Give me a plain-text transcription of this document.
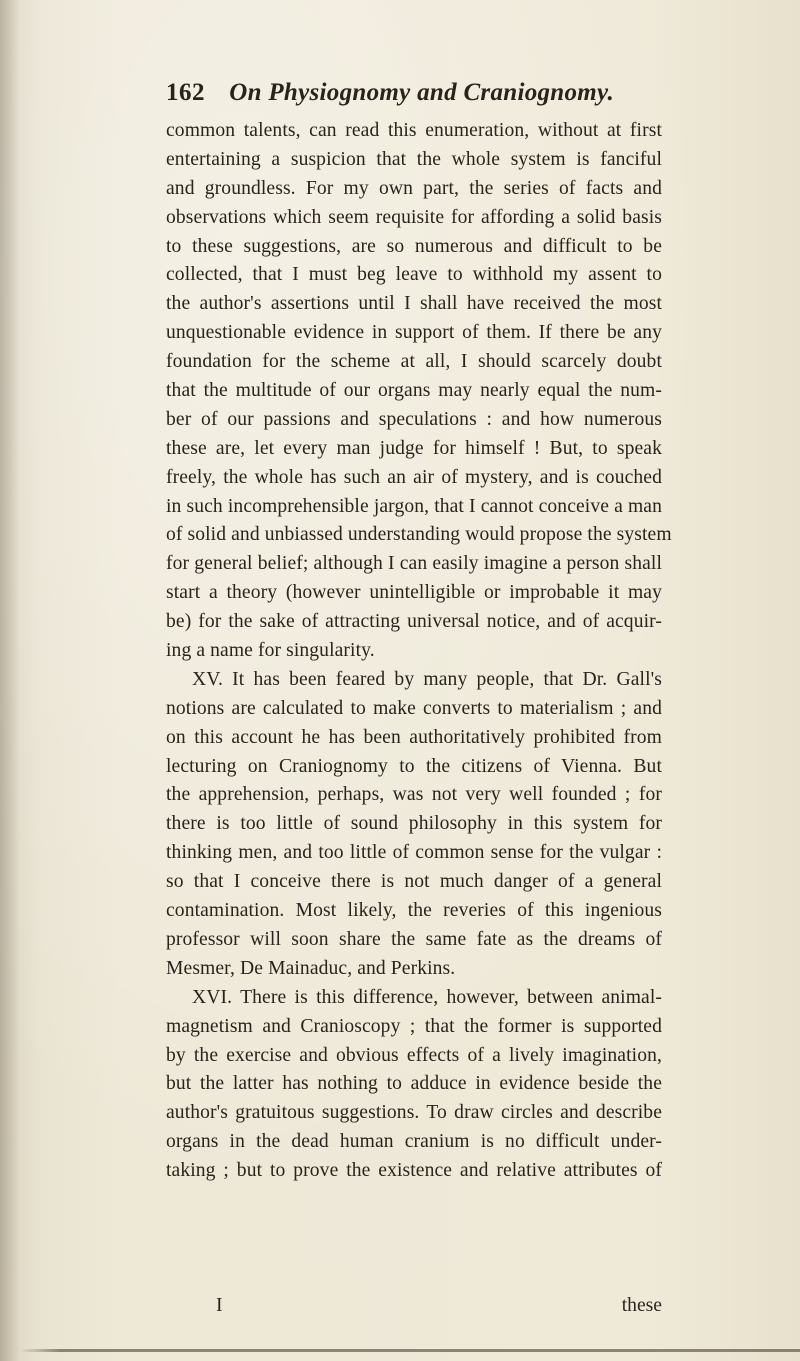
162 On Physiognomy and Craniognomy.
common talents, can read this enumeration, without at first
entertaining a suspicion that the whole system is fanciful
and groundless. For my own part, the series of facts and
observations which seem requisite for affording a solid basis
to these suggestions, are so numerous and difficult to be
collected, that I must beg leave to withhold my assent to
the author's assertions until I shall have received the most
unquestionable evidence in support of them. If there be any
foundation for the scheme at all, I should scarcely doubt
that the multitude of our organs may nearly equal the num-
ber of our passions and speculations : and how numerous
these are, let every man judge for himself ! But, to speak
freely, the whole has such an air of mystery, and is couched
in such incomprehensible jargon, that I cannot conceive a man
of solid and unbiassed understanding would propose the system
for general belief; although I can easily imagine a person shall
start a theory (however unintelligible or improbable it may
be) for the sake of attracting universal notice, and of acquir-
ing a name for singularity.
XV. It has been feared by many people, that Dr. Gall's
notions are calculated to make converts to materialism ; and
on this account he has been authoritatively prohibited from
lecturing on Craniognomy to the citizens of Vienna. But
the apprehension, perhaps, was not very well founded ; for
there is too little of sound philosophy in this system for
thinking men, and too little of common sense for the vulgar :
so that I conceive there is not much danger of a general
contamination. Most likely, the reveries of this ingenious
professor will soon share the same fate as the dreams of
Mesmer, De Mainaduc, and Perkins.
XVI. There is this difference, however, between animal-
magnetism and Cranioscopy ; that the former is supported
by the exercise and obvious effects of a lively imagination,
but the latter has nothing to adduce in evidence beside the
author's gratuitous suggestions. To draw circles and describe
organs in the dead human cranium is no difficult under-
taking ; but to prove the existence and relative attributes of
I	these
